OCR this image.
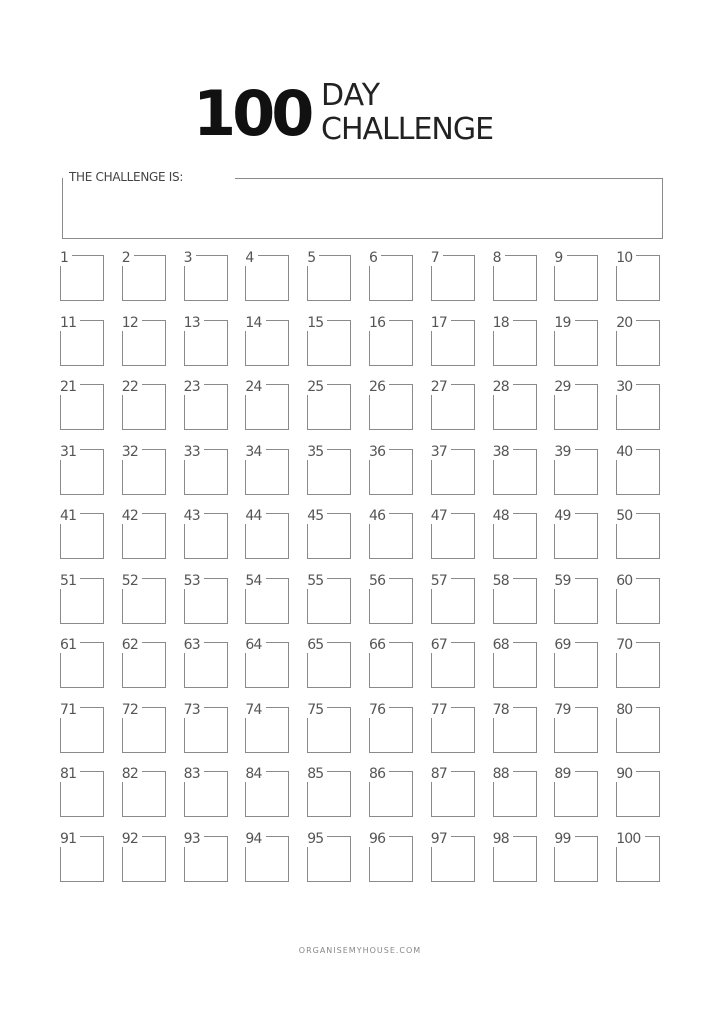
100 DAY
CHALLENGE
THE CHALLENGE IS:
1	2	3	4	5	6	7	8	9	10
11	12	13	14	15	16	17	18	19	20
21	22	23	24	25	26	27	28	29	30
31	32	33	34	35	36	37	38	39	40
41	42	43	44	45	46	47	48	49	50
51	52	53	54	55	56	57	58	59	60
61	62	63	64	65	66	67	68	69	70
71	72	73	74	75	76	77	78	79	80
81	82	83	84	85	86	87	88	89	90
91	92	93	94	95	96	97	98	99	100
ORGANISEMYHOUSE.COM
